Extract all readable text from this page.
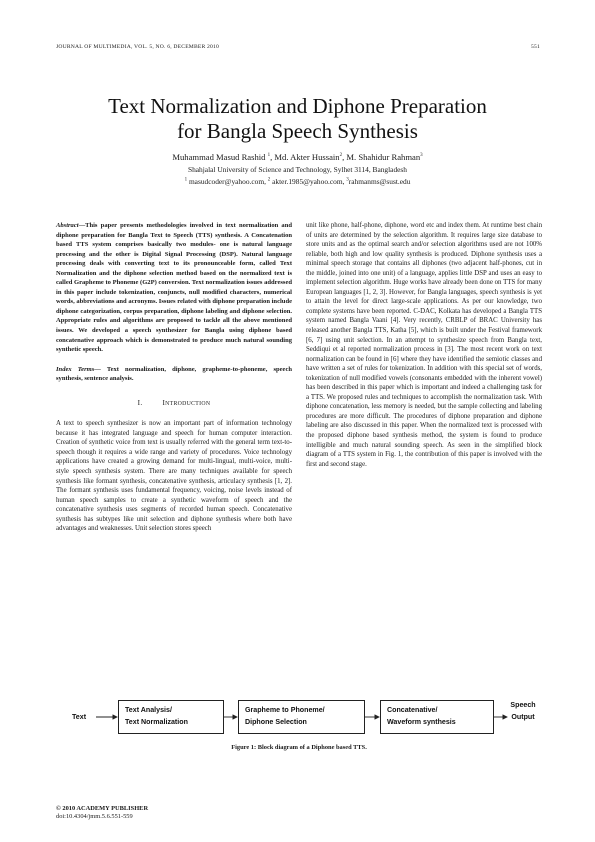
JOURNAL OF MULTIMEDIA, VOL. 5, NO. 6, DECEMBER 2010	551
Text Normalization and Diphone Preparation
for Bangla Speech Synthesis
Muhammad Masud Rashid $^1$, Md. Akter Hussain$^2$, M. Shahidur Rahman$^3$
Shahjalal University of Science and Technology, Sylhet 3114, Bangladesh
$^1$ masudcoder@yahoo.com, $^2$ akter.1985@yahoo.com, $^3$rahmanms@sust.edu

Abstract—This paper presents methodologies involved in text normalization and diphone preparation for Bangla Text to Speech (TTS) synthesis. A Concatenation based TTS system comprises basically two modules- one is natural language processing and the other is Digital Signal Processing (DSP). Natural language processing deals with converting text to its pronounceable form, called Text Normalization and the diphone selection method based on the normalized text is called Grapheme to Phoneme (G2P) conversion. Text normalization issues addressed in this paper include tokenization, conjuncts, null modified characters, numerical words, abbreviations and acronyms. Issues related with diphone preparation include diphone categorization, corpus preparation, diphone labeling and diphone selection. Appropriate rules and algorithms are proposed to tackle all the above mentioned issues. We developed a speech synthesizer for Bangla using diphone based concatenative approach which is demonstrated to produce much natural sounding synthetic speech.

Index Terms— Text normalization, diphone, grapheme-to-phoneme, speech synthesis, sentence analysis.

I.	INTRODUCTION

A text to speech synthesizer is now an important part of information technology because it has integrated language and speech for human computer interaction. Creation of synthetic voice from text is usually referred with the general term text-to-speech though it requires a wide range and variety of procedures. Voice technology applications have created a growing demand for multi-lingual, multi-voice, multi-style speech synthesis system. There are many techniques available for speech synthesis like formant synthesis, concatenative synthesis, articulacy synthesis [1, 2]. The formant synthesis uses fundamental frequency, voicing, noise levels instead of human speech samples to create a synthetic waveform of speech and the concatenative synthesis uses segments of recorded human speech. Concatenative synthesis has subtypes like unit selection and diphone synthesis where both have advantages and weaknesses. Unit selection stores speech

unit like phone, half-phone, diphone, word etc and index them. At runtime best chain of units are determined by the selection algorithm. It requires large size database to store units and as the optimal search and/or selection algorithms used are not 100% reliable, both high and low quality synthesis is produced. Diphone synthesis uses a minimal speech storage that contains all diphones (two adjacent half-phones, cut in the middle, joined into one unit) of a language, applies little DSP and uses an easy to implement selection algorithm. Huge works have already been done on TTS for many European languages [1, 2, 3]. However, for Bangla languages, speech synthesis is yet to attain the level for direct large-scale applications. As per our knowledge, two complete systems have been reported. C-DAC, Kolkata has developed a Bangla TTS system named Bangla Vaani [4]. Very recently, CRBLP of BRAC University has released another Bangla TTS, Katha [5], which is built under the Festival framework [6, 7] using unit selection. In an attempt to synthesize speech from Bangla text, Seddiqui et al reported normalization process in [3]. The most recent work on text normalization can be found in [6] where they have identified the semiotic classes and have written a set of rules for tokenization. In addition with this special set of words, tokenization of null modified vowels (consonants embedded with the inherent vowel) has been described in this paper which is important and indeed a challenging task for a TTS. We proposed rules and techniques to accomplish the normalization task. With diphone concatenation, less memory is needed, but the sample collecting and labeling procedures are more difficult. The procedures of diphone preparation and diphone labeling are also discussed in this paper. When the normalized text is processed with the proposed diphone based synthesis method, the system is found to produce intelligible and much natural sounding speech. As seen in the simplified block diagram of a TTS system in Fig. 1, the contribution of this paper is involved with the first and second stage.

Text
Text Analysis/
Text Normalization
Grapheme to Phoneme/
Diphone Selection
Concatenative/
Waveform synthesis
Speech
Output
Figure 1: Block diagram of a Diphone based TTS.
© 2010 ACADEMY PUBLISHER
doi:10.4304/jmm.5.6.551-559
